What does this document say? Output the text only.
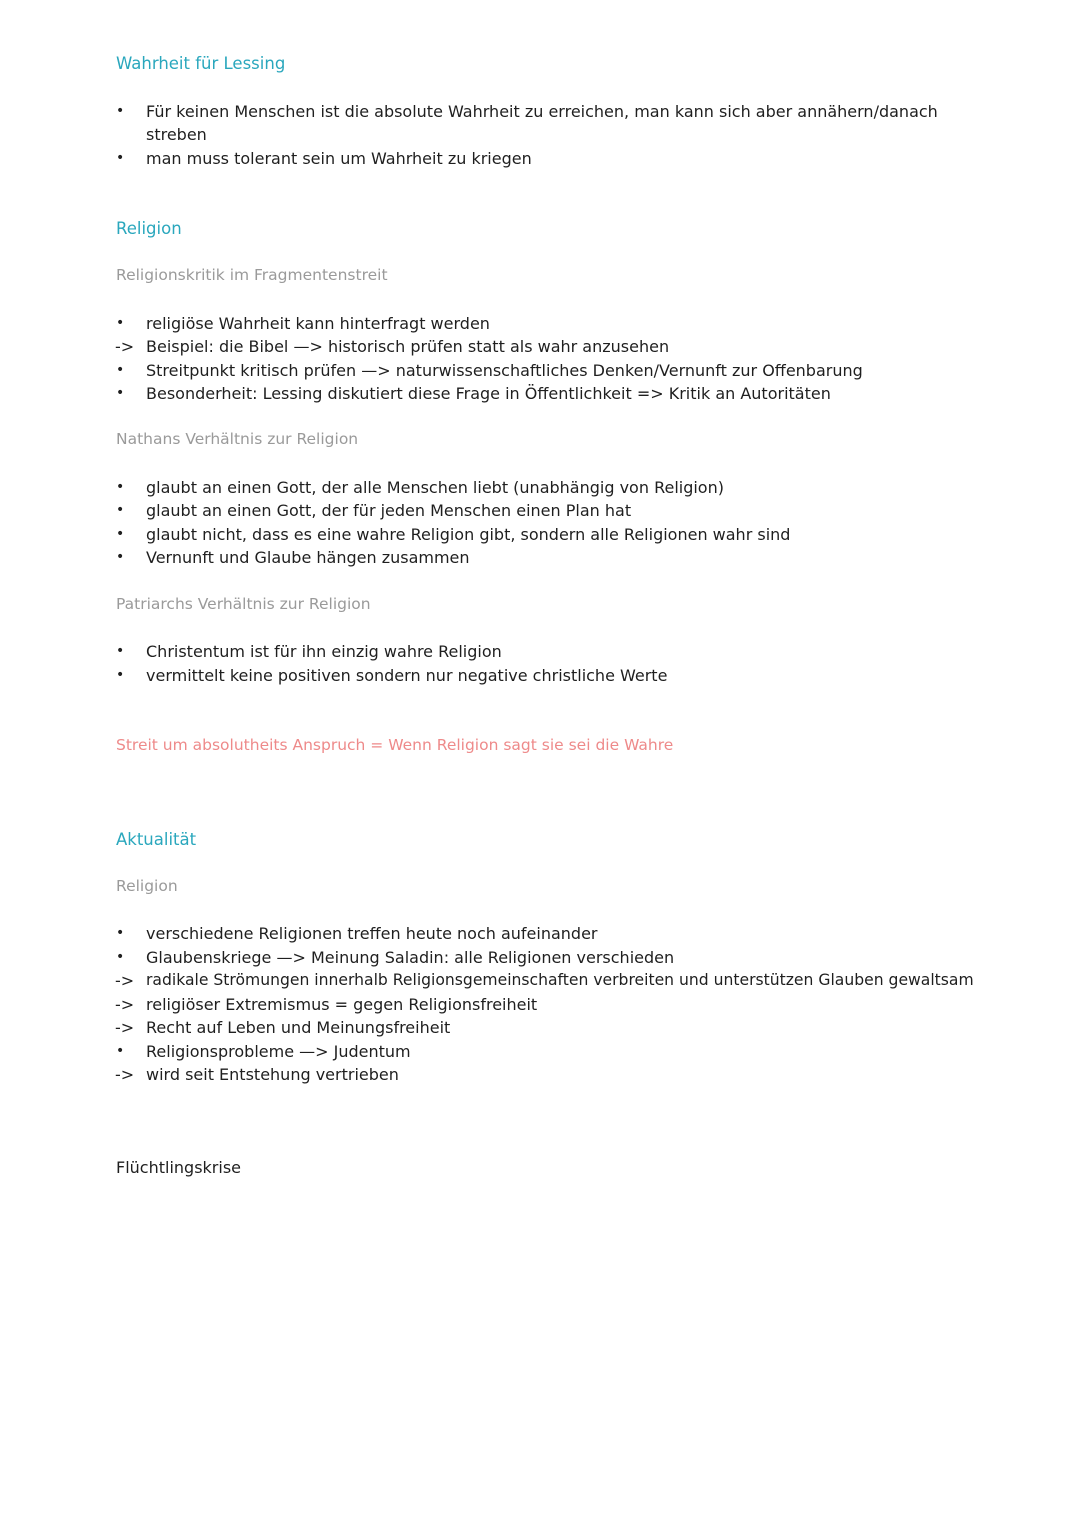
Wahrheit für Lessing
•	Für keinen Menschen ist die absolute Wahrheit zu erreichen, man kann sich aber annähern/danach
streben
•	man muss tolerant sein um Wahrheit zu kriegen
Religion
Religionskritik im Fragmentenstreit
•	religiöse Wahrheit kann hinterfragt werden
-> Beispiel: die Bibel —> historisch prüfen statt als wahr anzusehen
•	Streitpunkt kritisch prüfen —> naturwissenschaftliches Denken/Vernunft zur Offenbarung
•	Besonderheit: Lessing diskutiert diese Frage in Öffentlichkeit => Kritik an Autoritäten
Nathans Verhältnis zur Religion
•	glaubt an einen Gott, der alle Menschen liebt (unabhängig von Religion)
•	glaubt an einen Gott, der für jeden Menschen einen Plan hat
•	glaubt nicht, dass es eine wahre Religion gibt, sondern alle Religionen wahr sind
•	Vernunft und Glaube hängen zusammen
Patriarchs Verhältnis zur Religion
•	Christentum ist für ihn einzig wahre Religion
•	vermittelt keine positiven sondern nur negative christliche Werte
Streit um absolutheits Anspruch = Wenn Religion sagt sie sei die Wahre
Aktualität
Religion
•	verschiedene Religionen treffen heute noch aufeinander
•	Glaubenskriege —> Meinung Saladin: alle Religionen verschieden
-> radikale Strömungen innerhalb Religionsgemeinschaften verbreiten und unterstützen Glauben gewaltsam
-> religiöser Extremismus = gegen Religionsfreiheit
-> Recht auf Leben und Meinungsfreiheit
•	Religionsprobleme —> Judentum
-> wird seit Entstehung vertrieben
Flüchtlingskrise
